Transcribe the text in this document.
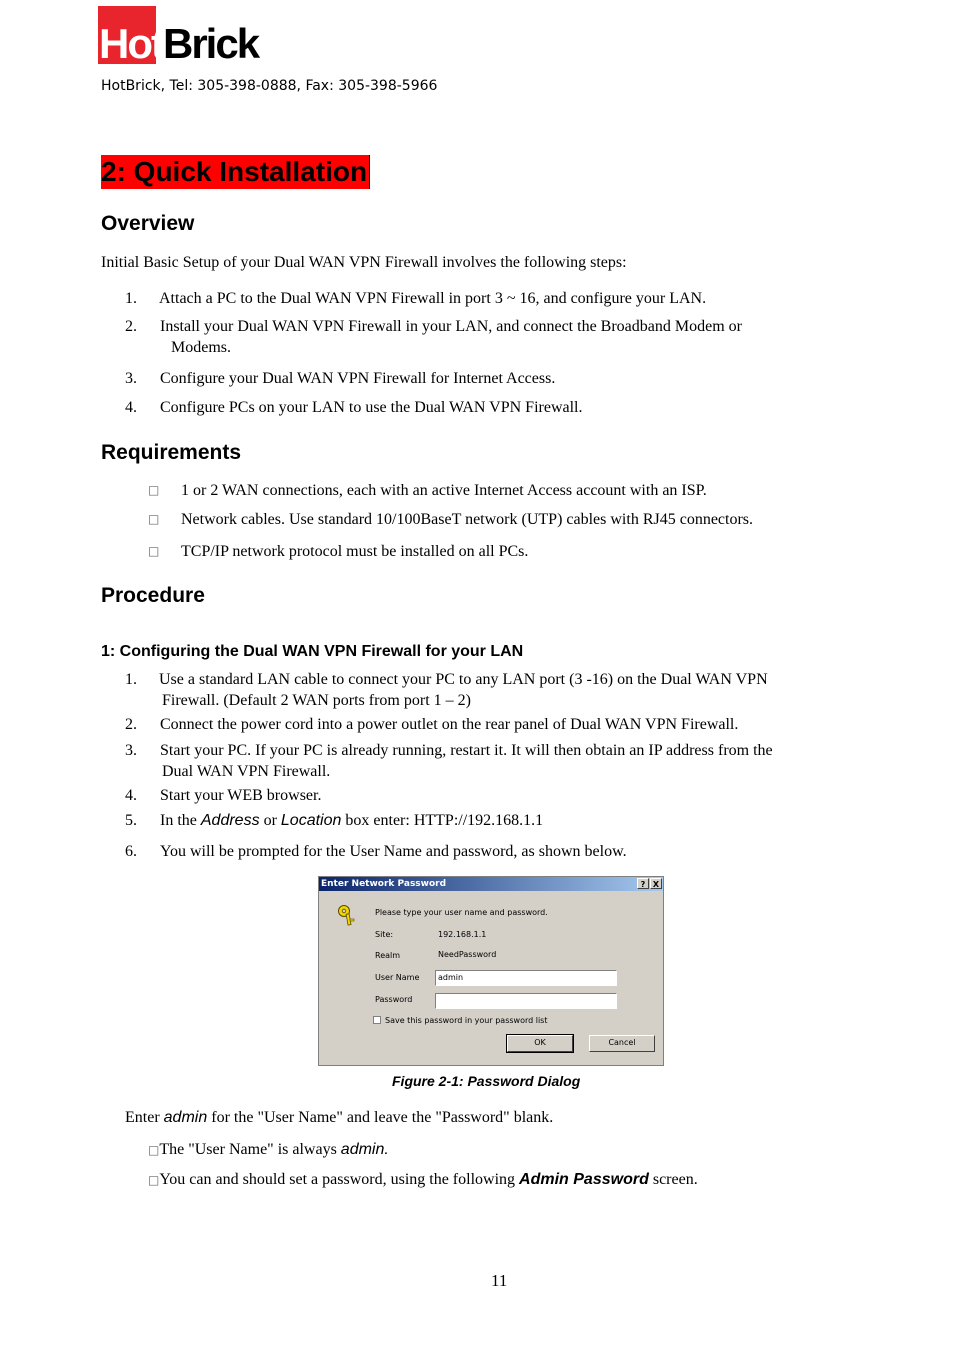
HotBrick
HotBrick, Tel: 305-398-0888, Fax: 305-398-5966
2: Quick Installation
Overview
Initial Basic Setup of your Dual WAN VPN Firewall involves the following steps:
1. Attach a PC to the Dual WAN VPN Firewall in port 3 ~ 16, and configure your LAN.
2. Install your Dual WAN VPN Firewall in your LAN, and connect the Broadband Modem or
Modems.
3. Configure your Dual WAN VPN Firewall for Internet Access.
4. Configure PCs on your LAN to use the Dual WAN VPN Firewall.
Requirements
□ 1 or 2 WAN connections, each with an active Internet Access account with an ISP.
□ Network cables. Use standard 10/100BaseT network (UTP) cables with RJ45 connectors.
□ TCP/IP network protocol must be installed on all PCs.
Procedure
1: Configuring the Dual WAN VPN Firewall for your LAN
1. Use a standard LAN cable to connect your PC to any LAN port (3 -16) on the Dual WAN VPN
Firewall. (Default 2 WAN ports from port 1 – 2)
2. Connect the power cord into a power outlet on the rear panel of Dual WAN VPN Firewall.
3. Start your PC. If your PC is already running, restart it. It will then obtain an IP address from the
Dual WAN VPN Firewall.
4. Start your WEB browser.
5. In the Address or Location box enter: HTTP://192.168.1.1
6. You will be prompted for the User Name and password, as shown below.
Enter Network Password	? X
Please type your user name and password.
Site:	192.168.1.1
Realm	NeedPassword
User Name	admin
Password
Save this password in your password list
OK	Cancel
Figure 2-1: Password Dialog
Enter admin for the "User Name" and leave the "Password" blank.
□The "User Name" is always admin.
□You can and should set a password, using the following Admin Password screen.
11
